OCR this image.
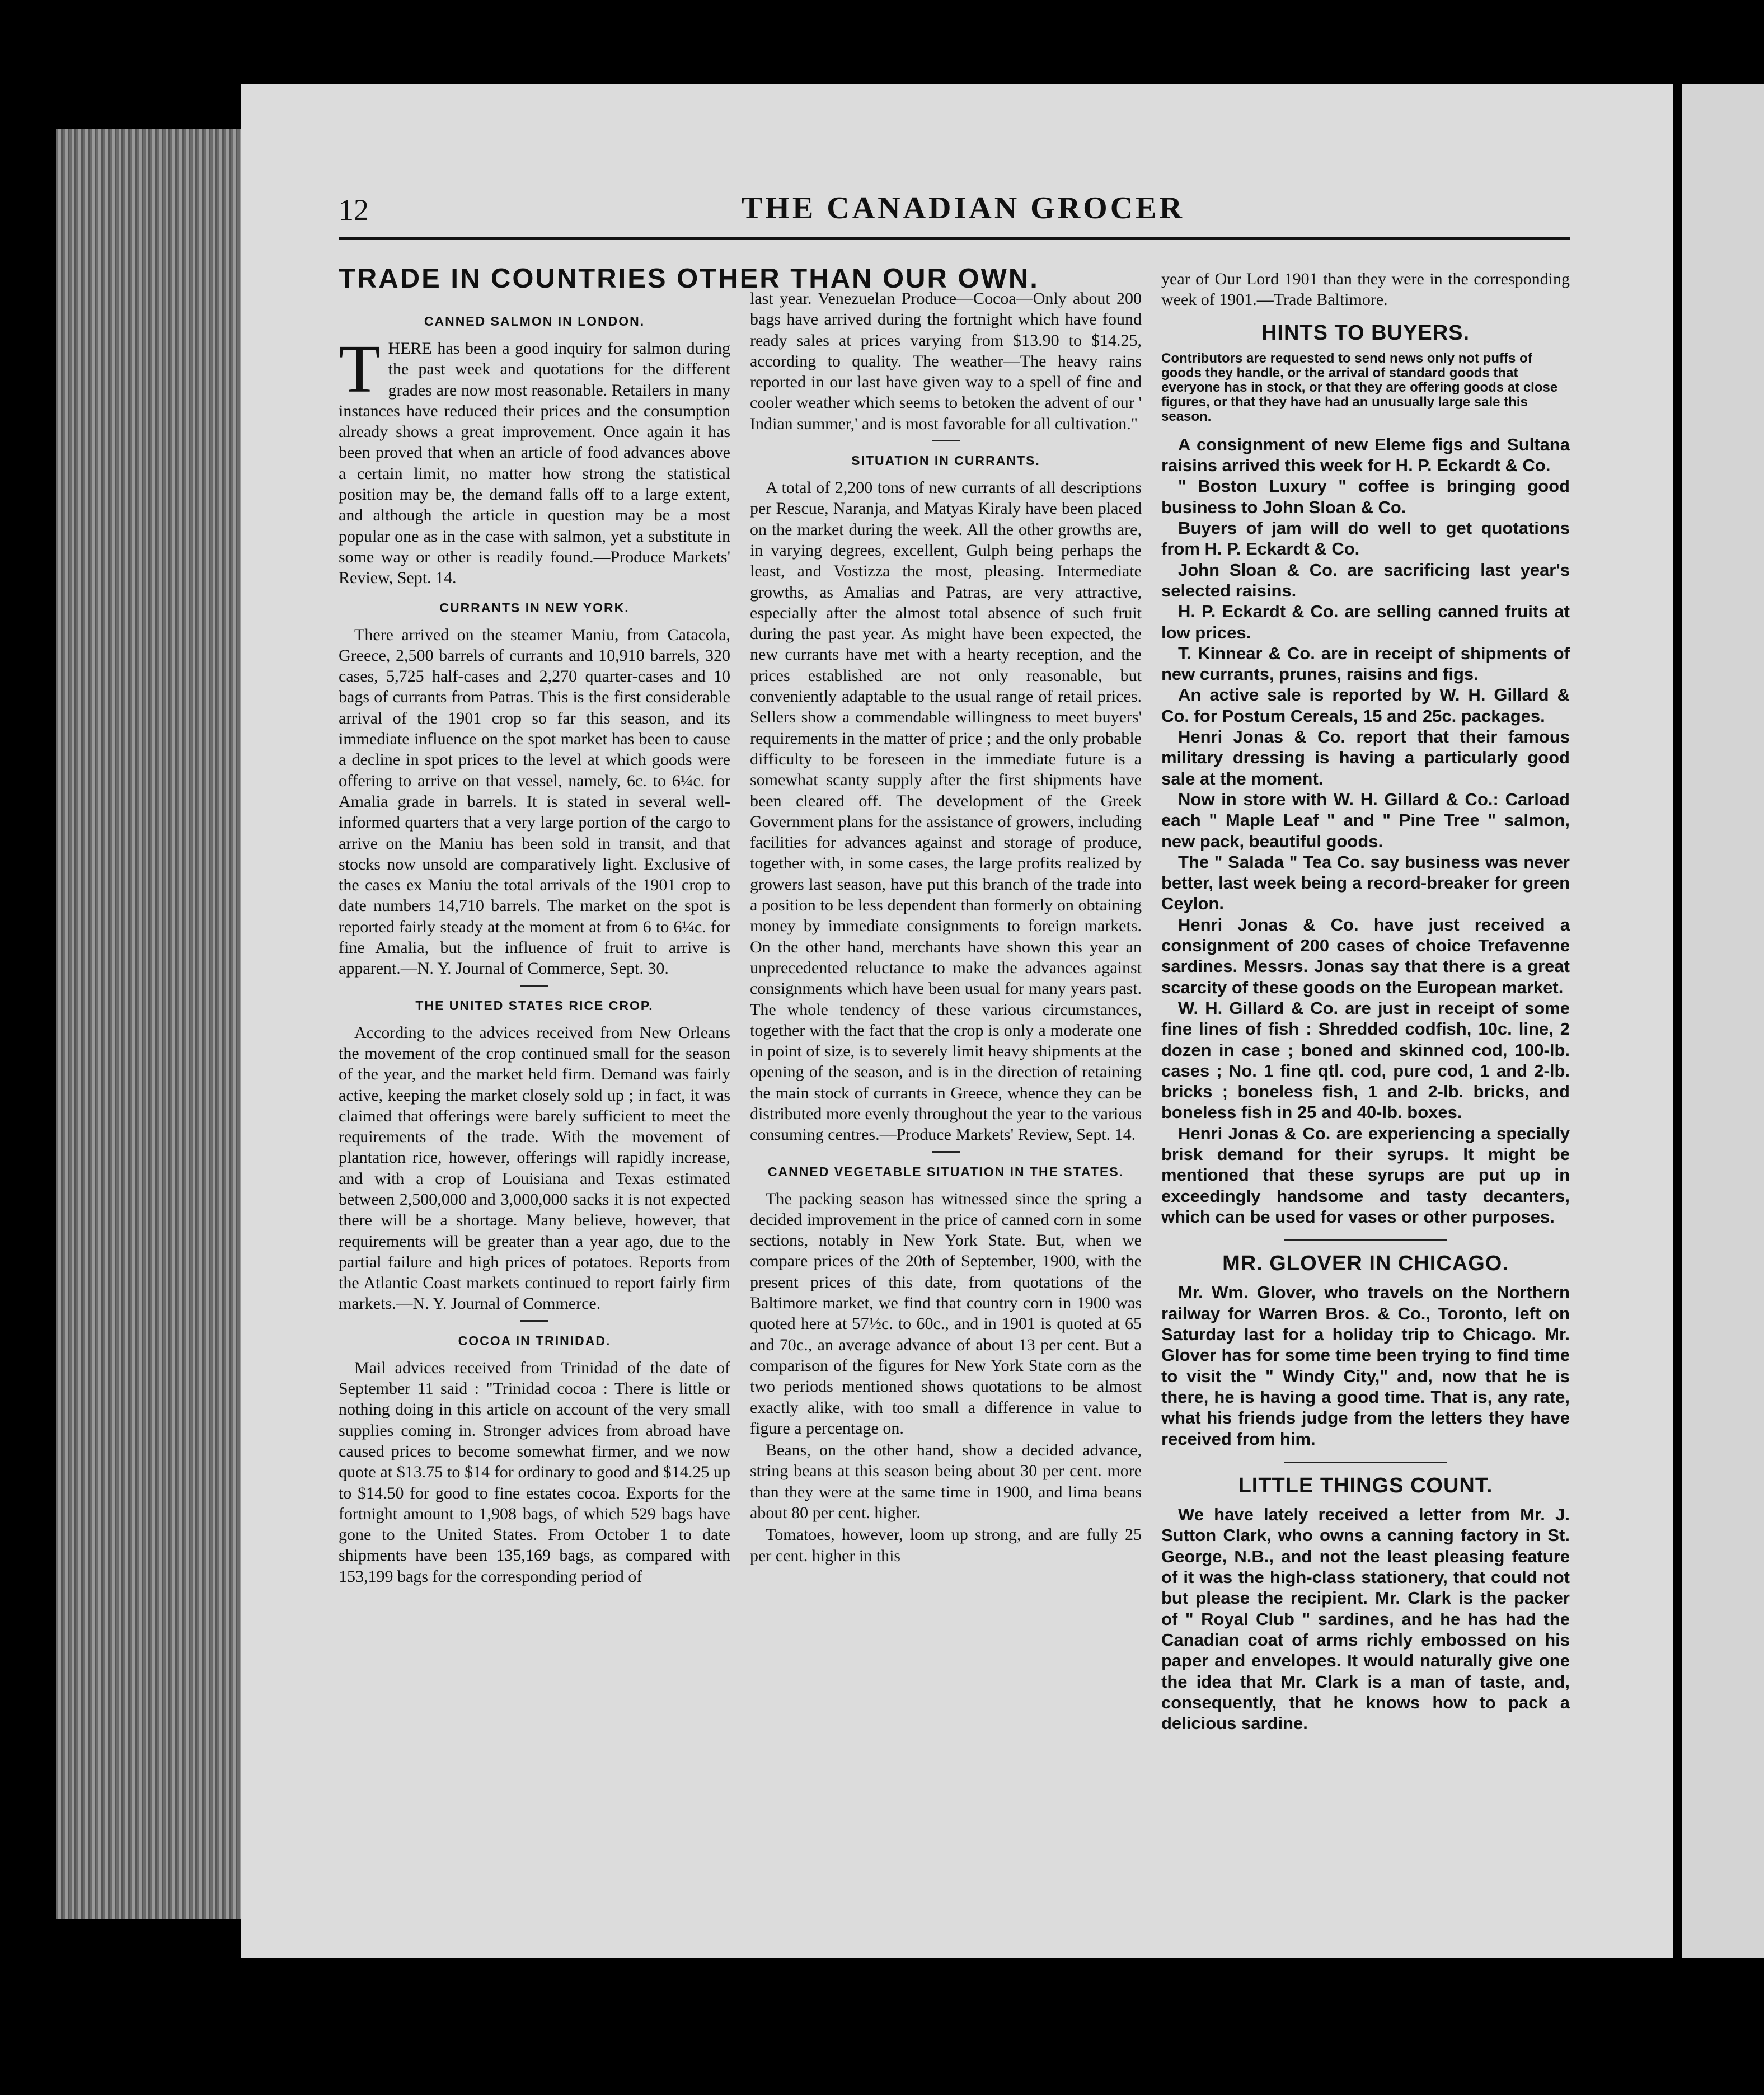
12	THE CANADIAN GROCER
TRADE IN COUNTRIES OTHER THAN OUR OWN.
CANNED SALMON IN LONDON.

THERE has been a good inquiry for salmon during the past week and quotations for the different grades are now most reasonable. Retailers in many instances have reduced their prices and the consumption already shows a great improvement. Once again it has been proved that when an article of food advances above a certain limit, no matter how strong the statistical position may be, the demand falls off to a large extent, and although the article in question may be a most popular one as in the case with salmon, yet a substitute in some way or other is readily found.—Produce Markets' Review, Sept. 14.

CURRANTS IN NEW YORK.

There arrived on the steamer Maniu, from Catacola, Greece, 2,500 barrels of currants and 10,910 barrels, 320 cases, 5,725 half-cases and 2,270 quarter-cases and 10 bags of currants from Patras. This is the first considerable arrival of the 1901 crop so far this season, and its immediate influence on the spot market has been to cause a decline in spot prices to the level at which goods were offering to arrive on that vessel, namely, 6c. to 6¼c. for Amalia grade in barrels. It is stated in several well-informed quarters that a very large portion of the cargo to arrive on the Maniu has been sold in transit, and that stocks now unsold are comparatively light. Exclusive of the cases ex Maniu the total arrivals of the 1901 crop to date numbers 14,710 barrels. The market on the spot is reported fairly steady at the moment at from 6 to 6¼c. for fine Amalia, but the influence of fruit to arrive is apparent.—N. Y. Journal of Commerce, Sept. 30.

THE UNITED STATES RICE CROP.

According to the advices received from New Orleans the movement of the crop continued small for the season of the year, and the market held firm. Demand was fairly active, keeping the market closely sold up ; in fact, it was claimed that offerings were barely sufficient to meet the requirements of the trade. With the movement of plantation rice, however, offerings will rapidly increase, and with a crop of Louisiana and Texas estimated between 2,500,000 and 3,000,000 sacks it is not expected there will be a shortage. Many believe, however, that requirements will be greater than a year ago, due to the partial failure and high prices of potatoes. Reports from the Atlantic Coast markets continued to report fairly firm markets.—N. Y. Journal of Commerce.

COCOA IN TRINIDAD.

Mail advices received from Trinidad of the date of September 11 said : "Trinidad cocoa : There is little or nothing doing in this article on account of the very small supplies coming in. Stronger advices from abroad have caused prices to become somewhat firmer, and we now quote at $13.75 to $14 for ordinary to good and $14.25 up to $14.50 for good to fine estates cocoa. Exports for the fortnight amount to 1,908 bags, of which 529 bags have gone to the United States. From October 1 to date shipments have been 135,169 bags, as compared with 153,199 bags for the corresponding period of

last year. Venezuelan Produce—Cocoa—Only about 200 bags have arrived during the fortnight which have found ready sales at prices varying from $13.90 to $14.25, according to quality. The weather—The heavy rains reported in our last have given way to a spell of fine and cooler weather which seems to betoken the advent of our ' Indian summer,' and is most favorable for all cultivation."

SITUATION IN CURRANTS.

A total of 2,200 tons of new currants of all descriptions per Rescue, Naranja, and Matyas Kiraly have been placed on the market during the week. All the other growths are, in varying degrees, excellent, Gulph being perhaps the least, and Vostizza the most, pleasing. Intermediate growths, as Amalias and Patras, are very attractive, especially after the almost total absence of such fruit during the past year. As might have been expected, the new currants have met with a hearty reception, and the prices established are not only reasonable, but conveniently adaptable to the usual range of retail prices. Sellers show a commendable willingness to meet buyers' requirements in the matter of price ; and the only probable difficulty to be foreseen in the immediate future is a somewhat scanty supply after the first shipments have been cleared off. The development of the Greek Government plans for the assistance of growers, including facilities for advances against and storage of produce, together with, in some cases, the large profits realized by growers last season, have put this branch of the trade into a position to be less dependent than formerly on obtaining money by immediate consignments to foreign markets. On the other hand, merchants have shown this year an unprecedented reluctance to make the advances against consignments which have been usual for many years past. The whole tendency of these various circumstances, together with the fact that the crop is only a moderate one in point of size, is to severely limit heavy shipments at the opening of the season, and is in the direction of retaining the main stock of currants in Greece, whence they can be distributed more evenly throughout the year to the various consuming centres.—Produce Markets' Review, Sept. 14.

CANNED VEGETABLE SITUATION IN THE STATES.

The packing season has witnessed since the spring a decided improvement in the price of canned corn in some sections, notably in New York State. But, when we compare prices of the 20th of September, 1900, with the present prices of this date, from quotations of the Baltimore market, we find that country corn in 1900 was quoted here at 57½c. to 60c., and in 1901 is quoted at 65 and 70c., an average advance of about 13 per cent. But a comparison of the figures for New York State corn as the two periods mentioned shows quotations to be almost exactly alike, with too small a difference in value to figure a percentage on.

Beans, on the other hand, show a decided advance, string beans at this season being about 30 per cent. more than they were at the same time in 1900, and lima beans about 80 per cent. higher.

Tomatoes, however, loom up strong, and are fully 25 per cent. higher in this

year of Our Lord 1901 than they were in the corresponding week of 1901.—Trade Baltimore.

HINTS TO BUYERS.
Contributors are requested to send news only not puffs of goods they handle, or the arrival of standard goods that everyone has in stock, or that they are offering goods at close figures, or that they have had an unusually large sale this season.

A consignment of new Eleme figs and Sultana raisins arrived this week for H. P. Eckardt & Co.

" Boston Luxury " coffee is bringing good business to John Sloan & Co.

Buyers of jam will do well to get quotations from H. P. Eckardt & Co.

John Sloan & Co. are sacrificing last year's selected raisins.

H. P. Eckardt & Co. are selling canned fruits at low prices.

T. Kinnear & Co. are in receipt of shipments of new currants, prunes, raisins and figs.

An active sale is reported by W. H. Gillard & Co. for Postum Cereals, 15 and 25c. packages.

Henri Jonas & Co. report that their famous military dressing is having a particularly good sale at the moment.

Now in store with W. H. Gillard & Co.: Carload each " Maple Leaf " and " Pine Tree " salmon, new pack, beautiful goods.

The " Salada " Tea Co. say business was never better, last week being a record-breaker for green Ceylon.

Henri Jonas & Co. have just received a consignment of 200 cases of choice Trefavenne sardines. Messrs. Jonas say that there is a great scarcity of these goods on the European market.

W. H. Gillard & Co. are just in receipt of some fine lines of fish : Shredded codfish, 10c. line, 2 dozen in case ; boned and skinned cod, 100-lb. cases ; No. 1 fine qtl. cod, pure cod, 1 and 2-lb. bricks ; boneless fish, 1 and 2-lb. bricks, and boneless fish in 25 and 40-lb. boxes.

Henri Jonas & Co. are experiencing a specially brisk demand for their syrups. It might be mentioned that these syrups are put up in exceedingly handsome and tasty decanters, which can be used for vases or other purposes.

MR. GLOVER IN CHICAGO.

Mr. Wm. Glover, who travels on the Northern railway for Warren Bros. & Co., Toronto, left on Saturday last for a holiday trip to Chicago. Mr. Glover has for some time been trying to find time to visit the " Windy City," and, now that he is there, he is having a good time. That is, any rate, what his friends judge from the letters they have received from him.

LITTLE THINGS COUNT.

We have lately received a letter from Mr. J. Sutton Clark, who owns a canning factory in St. George, N.B., and not the least pleasing feature of it was the high-class stationery, that could not but please the recipient. Mr. Clark is the packer of " Royal Club " sardines, and he has had the Canadian coat of arms richly embossed on his paper and envelopes. It would naturally give one the idea that Mr. Clark is a man of taste, and, consequently, that he knows how to pack a delicious sardine.
